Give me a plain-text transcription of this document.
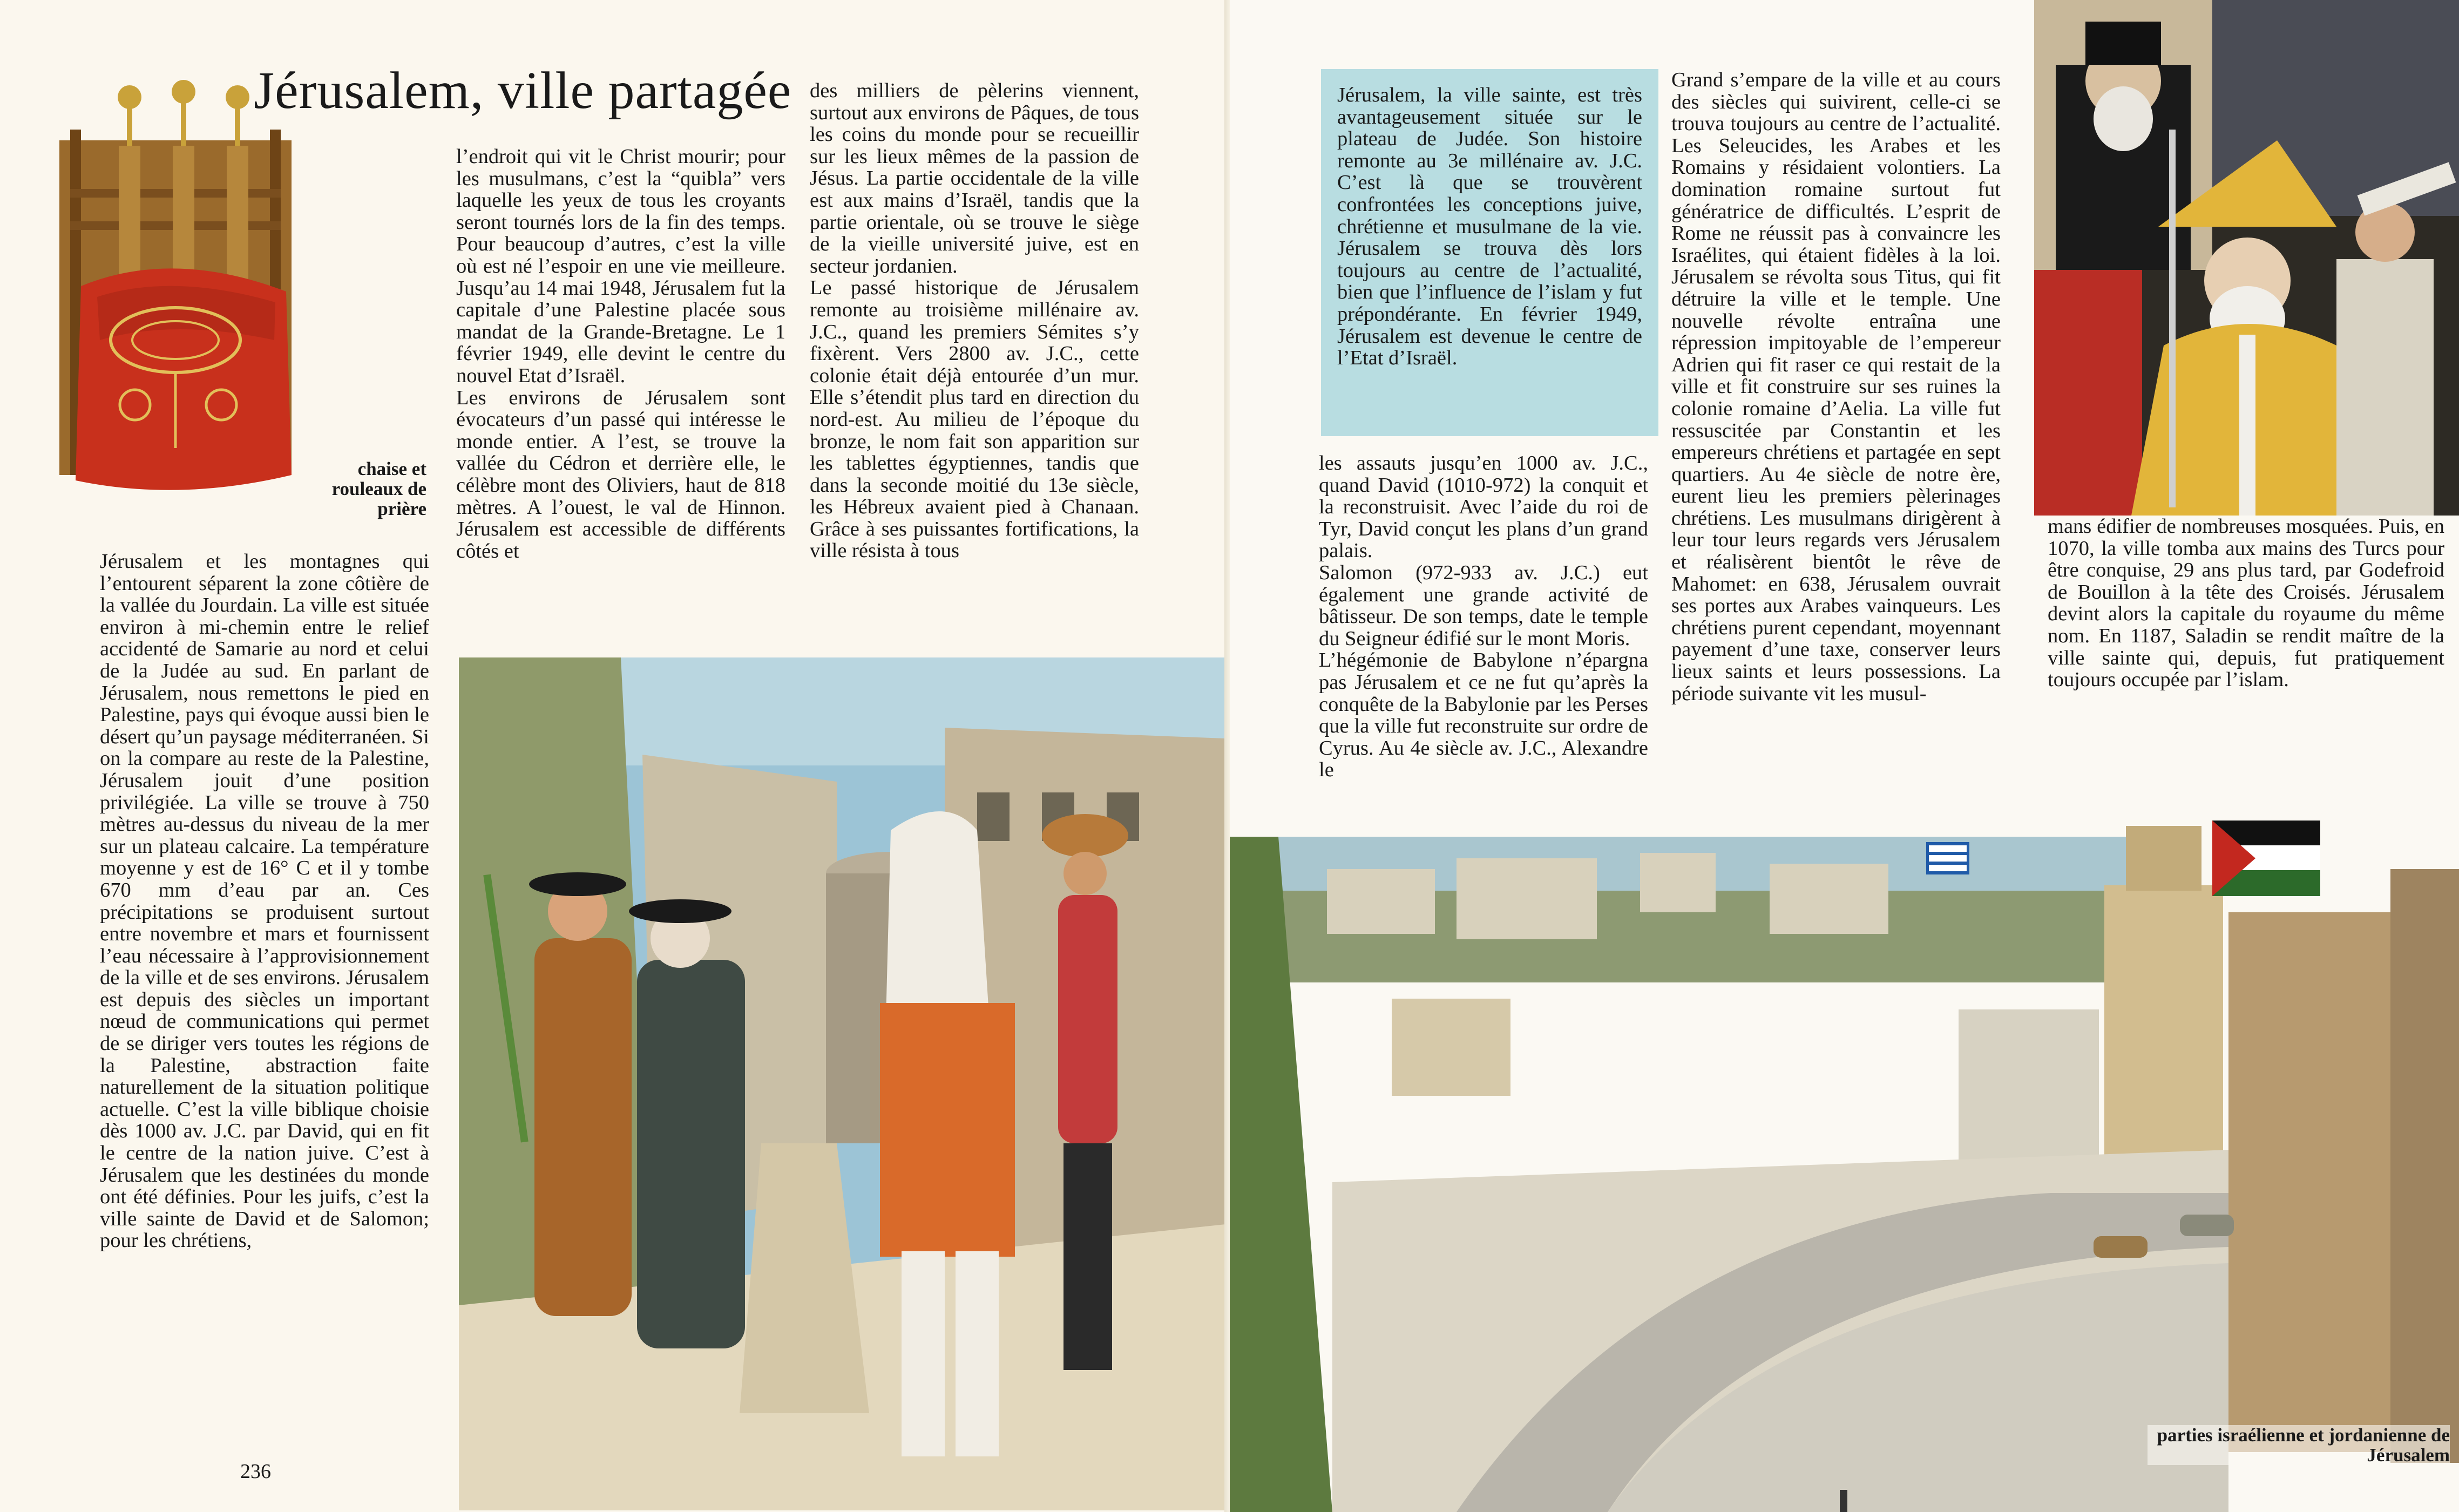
chaise et rouleaux de prière
Jérusalem, ville partagée

Jérusalem et les montagnes qui l’entourent séparent la zone côtière de la vallée du Jourdain. La ville est située environ à mi-chemin entre le relief accidenté de Samarie au nord et celui de la Judée au sud. En parlant de Jérusalem, nous remettons le pied en Palestine, pays qui évoque aussi bien le désert qu’un paysage méditerranéen. Si on la compare au reste de la Palestine, Jérusalem jouit d’une position privilégiée. La ville se trouve à 750 mètres au-dessus du niveau de la mer sur un plateau calcaire. La température moyenne y est de 16° C et il y tombe 670 mm d’eau par an. Ces précipitations se produisent surtout entre novembre et mars et fournissent l’eau nécessaire à l’approvisionnement de la ville et de ses environs. Jérusalem est depuis des siècles un important nœud de communications qui permet de se diriger vers toutes les régions de la Palestine, abstraction faite naturellement de la situation politique actuelle. C’est la ville biblique choisie dès 1000 av. J.C. par David, qui en fit le centre de la nation juive. C’est à Jérusalem que les destinées du monde ont été définies. Pour les juifs, c’est la ville sainte de David et de Salomon; pour les chrétiens,

l’endroit qui vit le Christ mourir; pour les musulmans, c’est la “quibla” vers laquelle les yeux de tous les croyants seront tournés lors de la fin des temps. Pour beaucoup d’autres, c’est la ville où est né l’espoir en une vie meilleure. Jusqu’au 14 mai 1948, Jérusalem fut la capitale d’une Palestine placée sous mandat de la Grande-Bretagne. Le 1 février 1949, elle devint le centre du nouvel Etat d’Israël.

Les environs de Jérusalem sont évocateurs d’un passé qui intéresse le monde entier. A l’est, se trouve la vallée du Cédron et derrière elle, le célèbre mont des Oliviers, haut de 818 mètres. A l’ouest, le val de Hinnon. Jérusalem est accessible de différents côtés et

des milliers de pèlerins viennent, surtout aux environs de Pâques, de tous les coins du monde pour se recueillir sur les lieux mêmes de la passion de Jésus. La partie occidentale de la ville est aux mains d’Israël, tandis que la partie orientale, où se trouve le siège de la vieille université juive, est en secteur jordanien.

Le passé historique de Jérusalem remonte au troisième millénaire av. J.C., quand les premiers Sémites s’y fixèrent. Vers 2800 av. J.C., cette colonie était déjà entourée d’un mur. Elle s’étendit plus tard en direction du nord-est. Au milieu de l’époque du bronze, le nom fait son apparition sur les tablettes égyptiennes, tandis que dans la seconde moitié du 13e siècle, les Hébreux avaient pied à Chanaan. Grâce à ses puissantes fortifications, la ville résista à tous

236
Jérusalem, la ville sainte, est très avantageusement située sur le plateau de Judée. Son histoire remonte au 3e millénaire av. J.C. C’est là que se trouvèrent confrontées les conceptions juive, chrétienne et musulmane de la vie. Jérusalem se trouva dès lors toujours au centre de l’actualité, bien que l’influence de l’islam y fut prépondérante. En février 1949, Jérusalem est devenue le centre de l’Etat d’Israël.

les assauts jusqu’en 1000 av. J.C., quand David (1010-972) la conquit et la reconstruisit. Avec l’aide du roi de Tyr, David conçut les plans d’un grand palais.

Salomon (972-933 av. J.C.) eut également une grande activité de bâtisseur. De son temps, date le temple du Seigneur édifié sur le mont Moris.

L’hégémonie de Babylone n’épargna pas Jérusalem et ce ne fut qu’après la conquête de la Babylonie par les Perses que la ville fut reconstruite sur ordre de Cyrus. Au 4e siècle av. J.C., Alexandre le

Grand s’empare de la ville et au cours des siècles qui suivirent, celle-ci se trouva toujours au centre de l’actualité. Les Seleucides, les Arabes et les Romains y résidaient volontiers. La domination romaine surtout fut génératrice de difficultés. L’esprit de Rome ne réussit pas à convaincre les Israélites, qui étaient fidèles à la loi. Jérusalem se révolta sous Titus, qui fit détruire la ville et le temple. Une nouvelle révolte entraîna une répression impitoyable de l’empereur Adrien qui fit raser ce qui restait de la ville et fit construire sur ses ruines la colonie romaine d’Aelia. La ville fut ressuscitée par Constantin et les empereurs chrétiens et partagée en sept quartiers. Au 4e siècle de notre ère, eurent lieu les premiers pèlerinages chrétiens. Les musulmans dirigèrent à leur tour leurs regards vers Jérusalem et réalisèrent bientôt le rêve de Mahomet: en 638, Jérusalem ouvrait ses portes aux Arabes vainqueurs. Les chrétiens purent cependant, moyennant payement d’une taxe, conserver leurs lieux saints et leurs possessions. La période suivante vit les musul-

mans édifier de nombreuses mosquées. Puis, en 1070, la ville tomba aux mains des Turcs pour être conquise, 29 ans plus tard, par Godefroid de Bouillon à la tête des Croisés. Jérusalem devint alors la capitale du royaume du même nom. En 1187, Saladin se rendit maître de la ville sainte qui, depuis, fut pratiquement toujours occupée par l’islam.

parties israélienne et jordanienne de Jérusalem
